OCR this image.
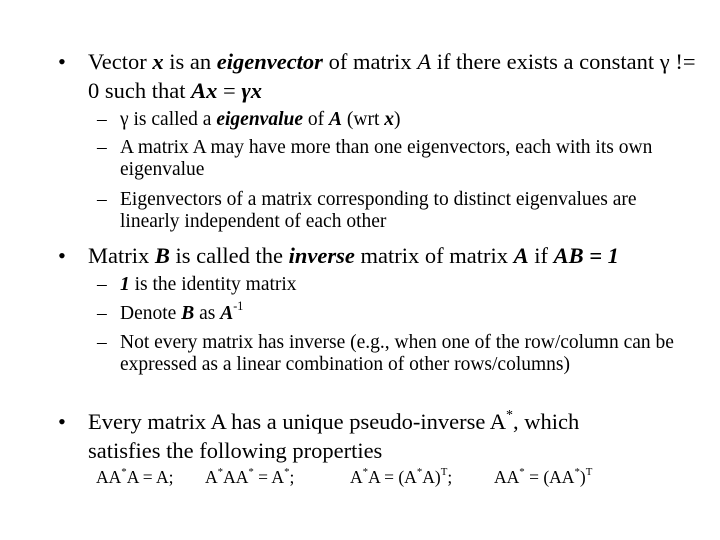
• Vector x is an eigenvector of matrix A if there exists a constant γ != 0 such that Ax = γx
– γ is called a eigenvalue of A (wrt x)
– A matrix A may have more than one eigenvectors, each with its own eigenvalue
– Eigenvectors of a matrix corresponding to distinct eigenvalues are linearly independent of each other
• Matrix B is called the inverse matrix of matrix A if AB = 1
– 1 is the identity matrix
– Denote B as $A^{-1}$
– Not every matrix has inverse (e.g., when one of the row/column can be expressed as a linear combination of other rows/columns)
• Every matrix A has a unique pseudo-inverse A*, which satisfies the following properties
AA*A = A; A*AA* = A*;	$A^*A = (A^*A)^T$; $AA^* = (AA^*)^T$
